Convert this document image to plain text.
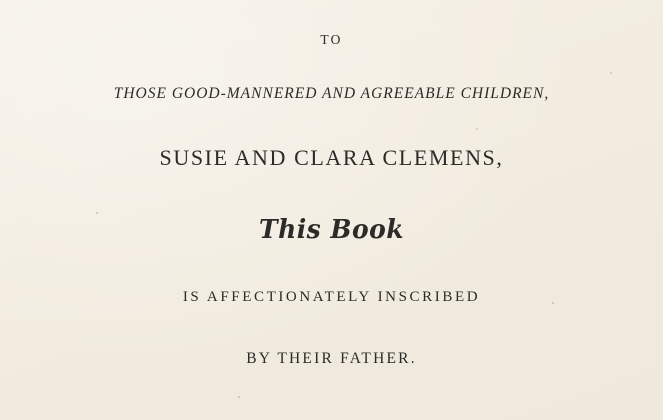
TO
THOSE GOOD-MANNERED AND AGREEABLE CHILDREN,
SUSIE AND CLARA CLEMENS,
This Book
IS AFFECTIONATELY INSCRIBED
BY THEIR FATHER.
